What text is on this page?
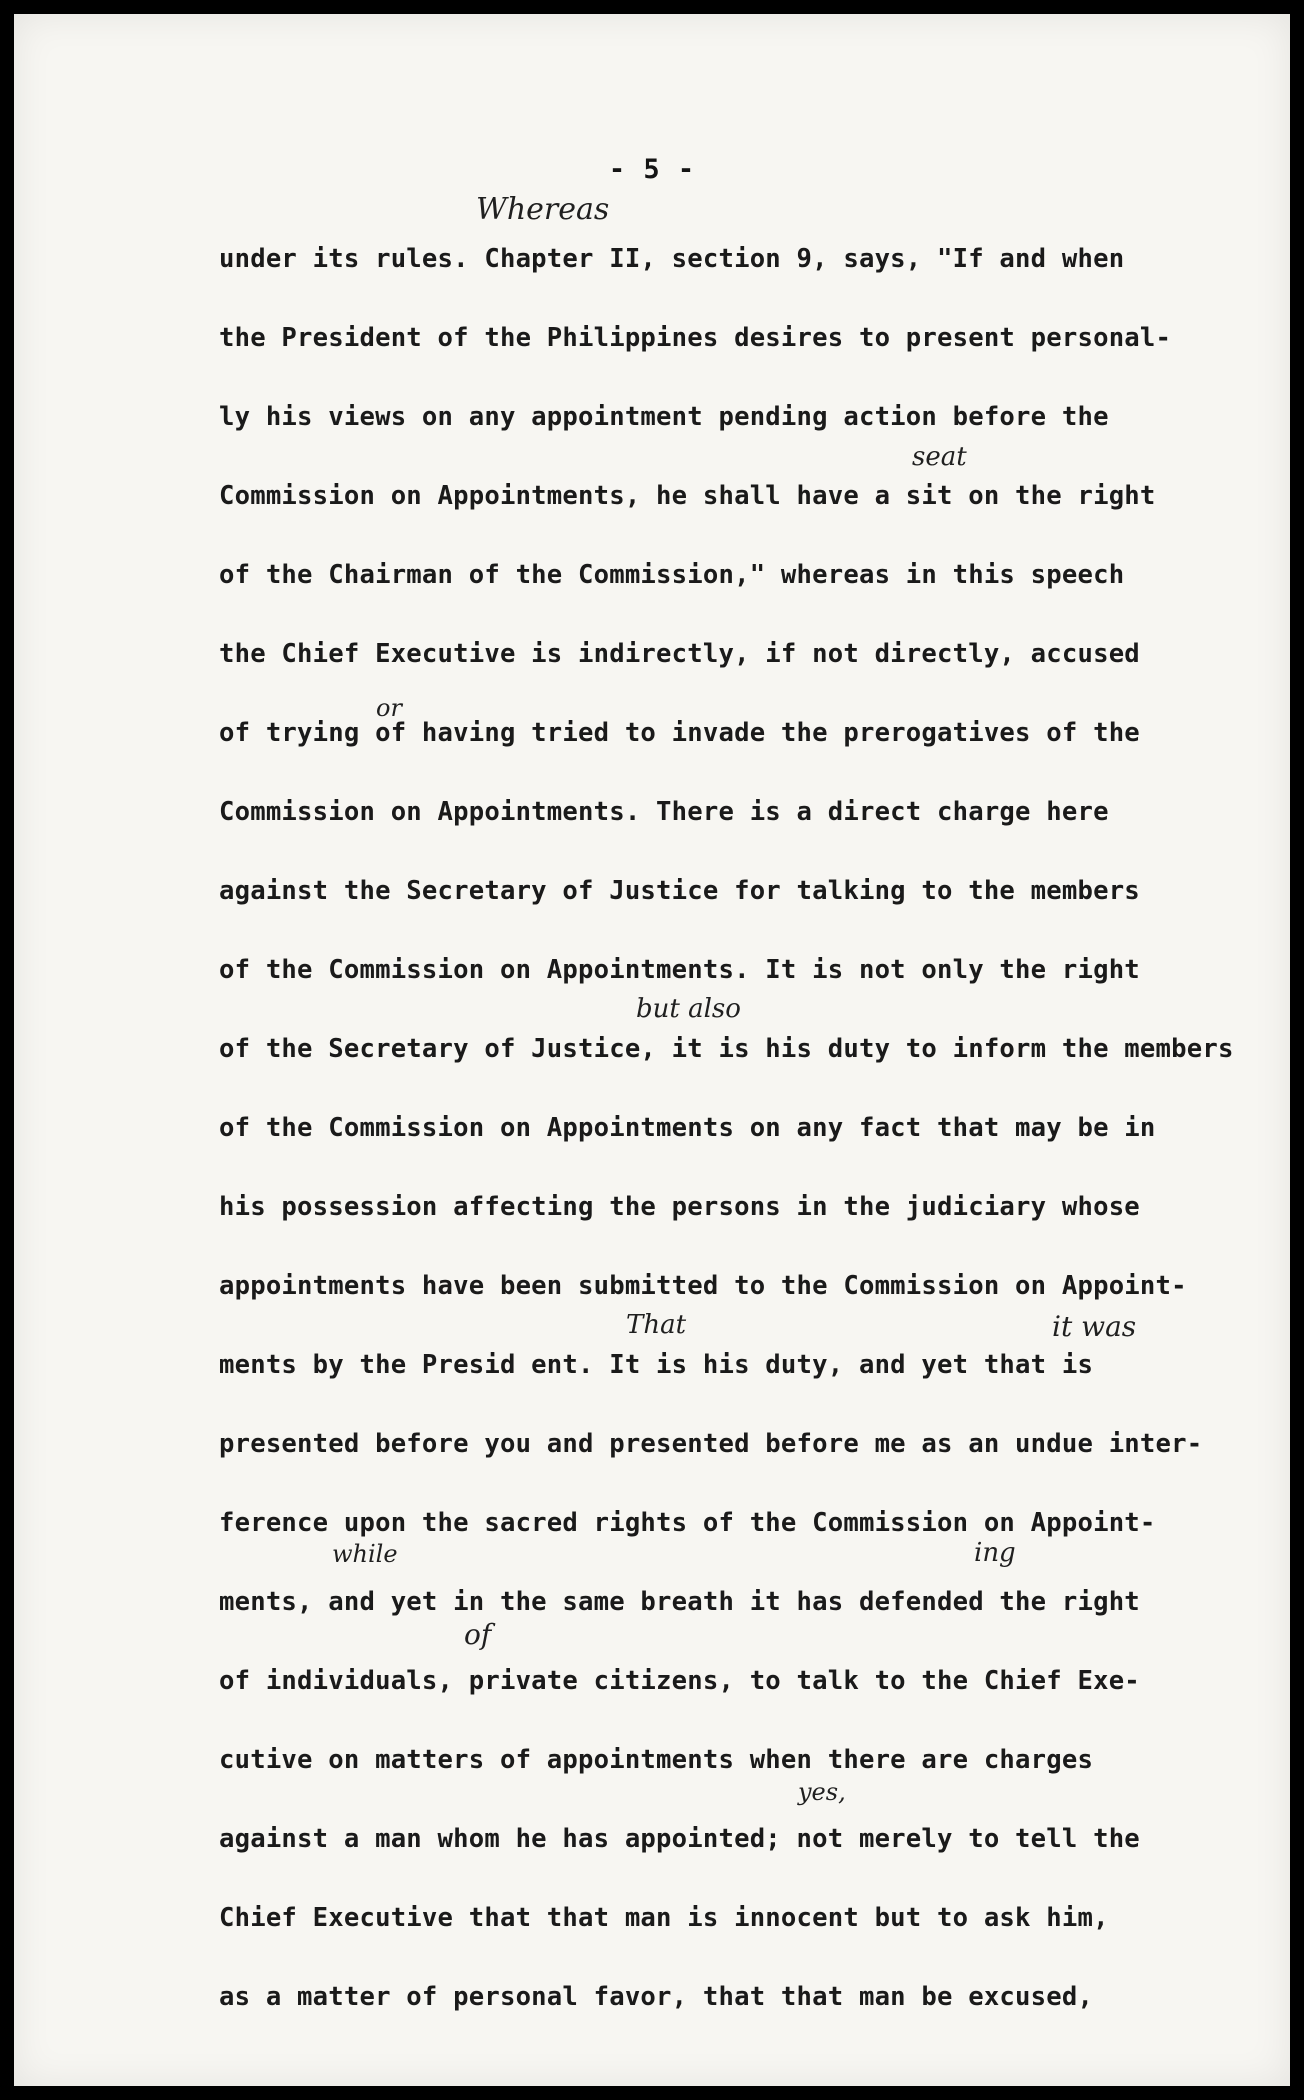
- 5 -
under its rules. Chapter II, section 9, says, "If and when
the President of the Philippines desires to present personal-
ly his views on any appointment pending action before the
Commission on Appointments, he shall have a sit on the right
of the Chairman of the Commission," whereas in this speech
the Chief Executive is indirectly, if not directly, accused
of trying of having tried to invade the prerogatives of the
Commission on Appointments. There is a direct charge here
against the Secretary of Justice for talking to the members
of the Commission on Appointments. It is not only the right
of the Secretary of Justice, it is his duty to inform the members
of the Commission on Appointments on any fact that may be in
his possession affecting the persons in the judiciary whose
appointments have been submitted to the Commission on Appoint-
ments by the Presid ent. It is his duty, and yet that is
presented before you and presented before me as an undue inter-
ference upon the sacred rights of the Commission on Appoint-
ments, and yet in the same breath it has defended the right
of individuals, private citizens, to talk to the Chief Exe-
cutive on matters of appointments when there are charges
against a man whom he has appointed; not merely to tell the
Chief Executive that that man is innocent but to ask him,
as a matter of personal favor, that that man be excused,
Whereas
seat
or
but also
That	it was
while	ing
of
yes,
